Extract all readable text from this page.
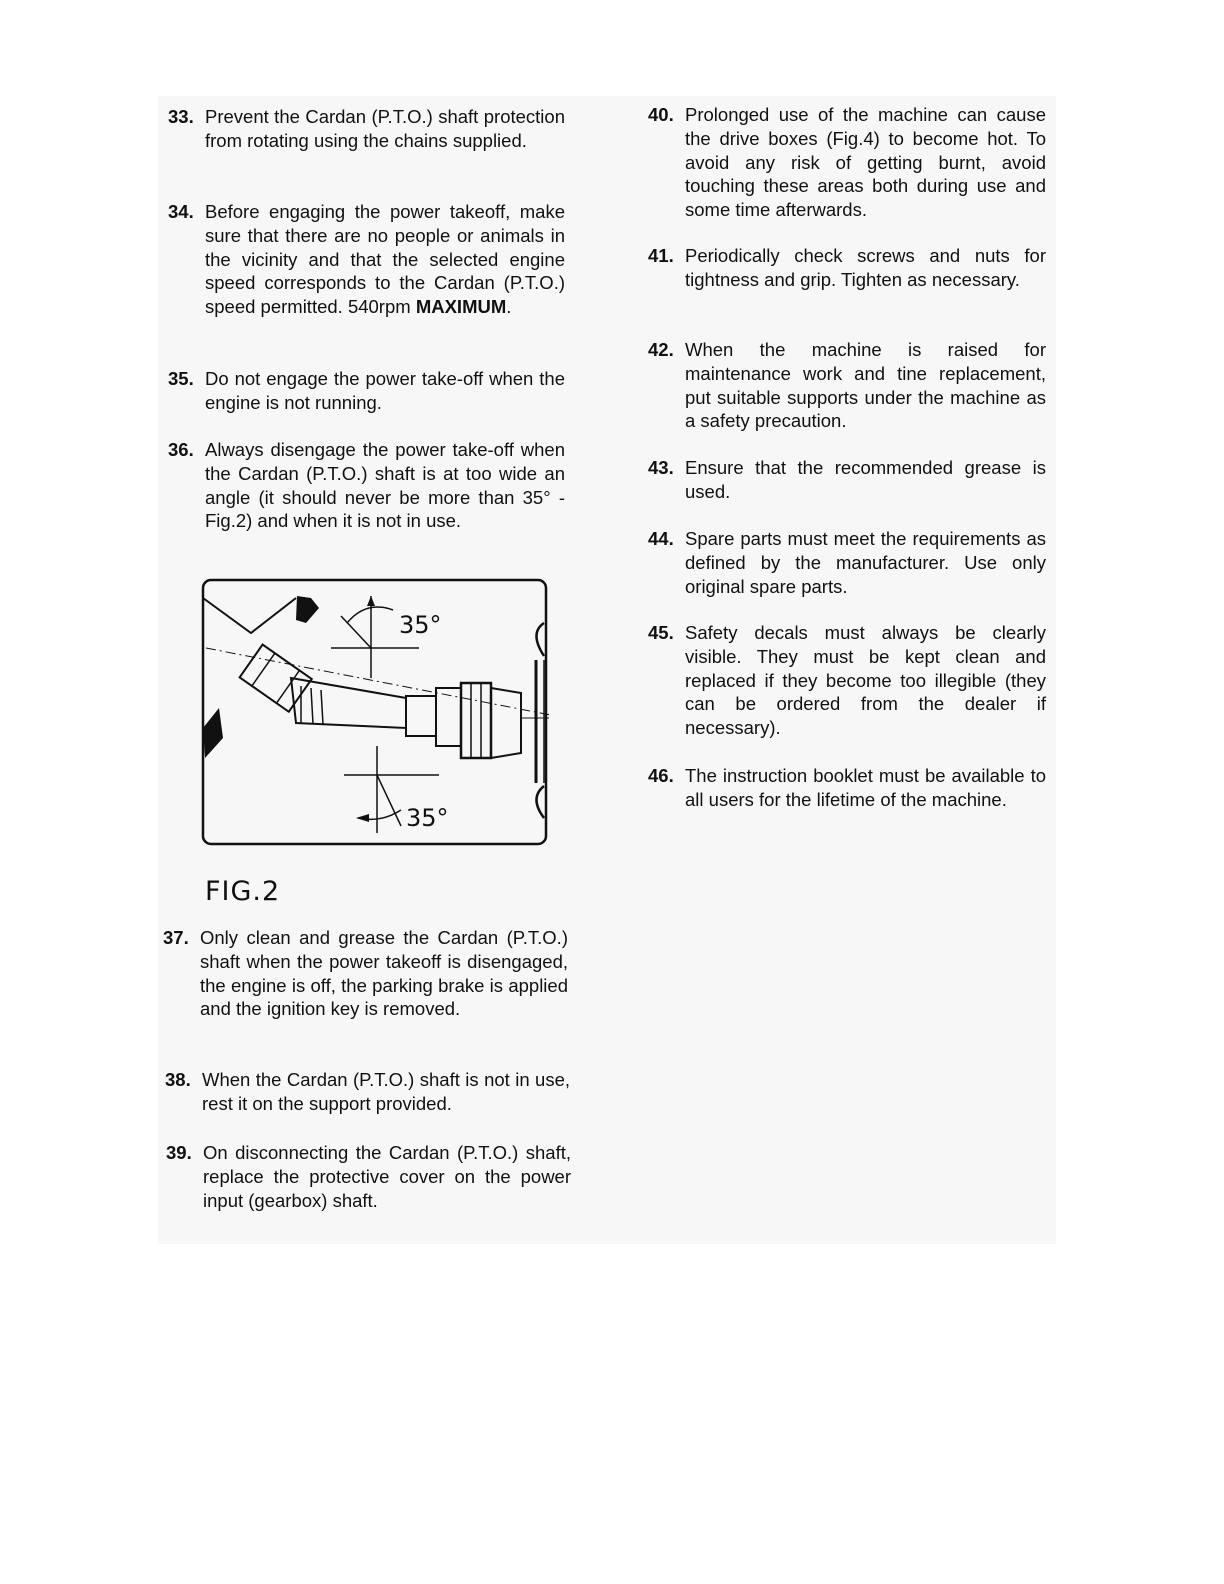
33. Prevent the Cardan (P.T.O.) shaft protection from rotating using the chains supplied.
34. Before engaging the power takeoff, make sure that there are no people or animals in the vicinity and that the selected engine speed corresponds to the Cardan (P.T.O.) speed permitted. 540rpm MAXIMUM.
35. Do not engage the power take-off when the engine is not running.
36. Always disengage the power take-off when the Cardan (P.T.O.) shaft is at too wide an angle (it should never be more than 35° - Fig.2) and when it is not in use.
35°
35°
FIG.2
37. Only clean and grease the Cardan (P.T.O.) shaft when the power takeoff is disengaged, the engine is off, the parking brake is applied and the ignition key is removed.
38. When the Cardan (P.T.O.) shaft is not in use, rest it on the support provided.
39. On disconnecting the Cardan (P.T.O.) shaft, replace the protective cover on the power input (gearbox) shaft.
40. Prolonged use of the machine can cause the drive boxes (Fig.4) to become hot. To avoid any risk of getting burnt, avoid touching these areas both during use and some time afterwards.
41. Periodically check screws and nuts for tightness and grip. Tighten as necessary.
42. When the machine is raised for maintenance work and tine replacement, put suitable supports under the machine as a safety precaution.
43. Ensure that the recommended grease is used.
44. Spare parts must meet the requirements as defined by the manufacturer. Use only original spare parts.
45. Safety decals must always be clearly visible. They must be kept clean and replaced if they become too illegible (they can be ordered from the dealer if necessary).
46. The instruction booklet must be available to all users for the lifetime of the machine.
